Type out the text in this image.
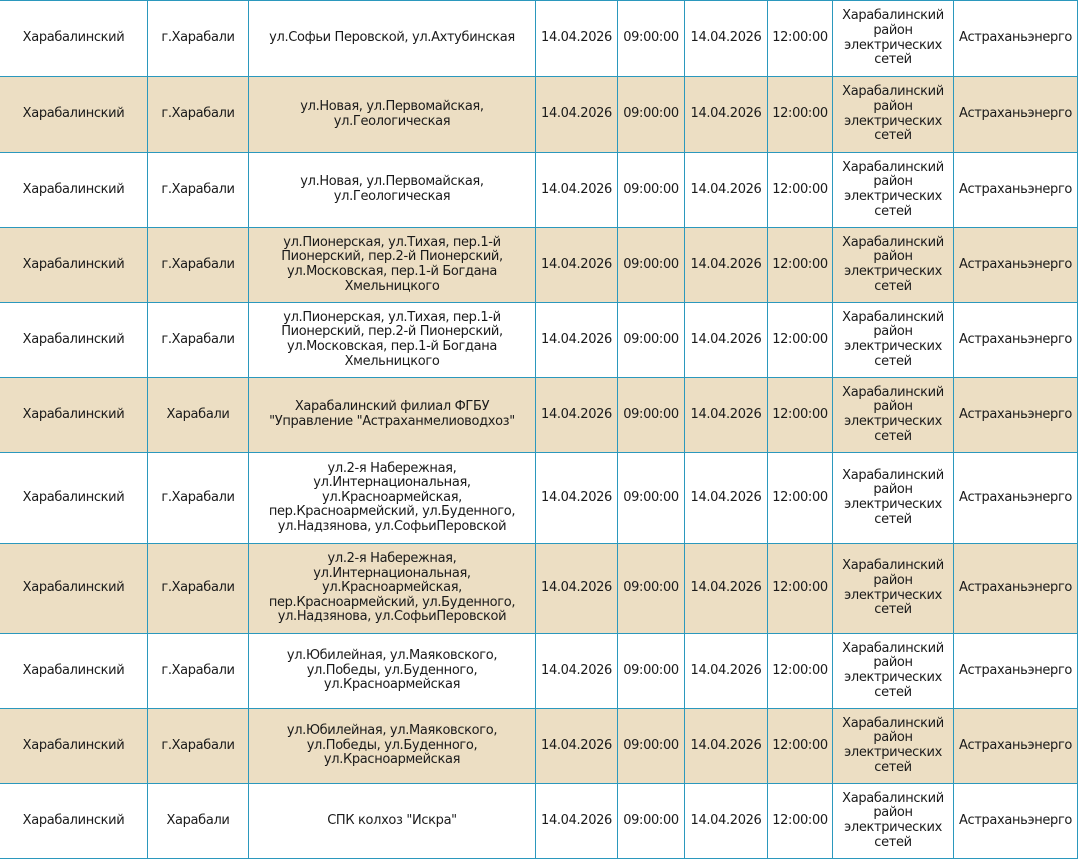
Харабалинский	г.Харабали	ул.Софьи Перовской, ул.Ахтубинская	14.04.2026	09:00:00	14.04.2026	12:00:00	Харабалинский район электрических сетей	Астраханьэнерго
Харабалинский	г.Харабали	ул.Новая, ул.Первомайская, ул.Геологическая	14.04.2026	09:00:00	14.04.2026	12:00:00	Харабалинский район электрических сетей	Астраханьэнерго
Харабалинский	г.Харабали	ул.Новая, ул.Первомайская, ул.Геологическая	14.04.2026	09:00:00	14.04.2026	12:00:00	Харабалинский район электрических сетей	Астраханьэнерго
Харабалинский	г.Харабали	ул.Пионерская, ул.Тихая, пер.1-й Пионерский, пер.2-й Пионерский, ул.Московская, пер.1-й Богдана Хмельницкого	14.04.2026	09:00:00	14.04.2026	12:00:00	Харабалинский район электрических сетей	Астраханьэнерго
Харабалинский	г.Харабали	ул.Пионерская, ул.Тихая, пер.1-й Пионерский, пер.2-й Пионерский, ул.Московская, пер.1-й Богдана Хмельницкого	14.04.2026	09:00:00	14.04.2026	12:00:00	Харабалинский район электрических сетей	Астраханьэнерго
Харабалинский	Харабали	Харабалинский филиал ФГБУ "Управление "Астраханмелиоводхоз"	14.04.2026	09:00:00	14.04.2026	12:00:00	Харабалинский район электрических сетей	Астраханьэнерго
Харабалинский	г.Харабали	ул.2-я Набережная, ул.Интернациональная, ул.Красноармейская, пер.Красноармейский, ул.Буденного, ул.Надзянова, ул.СофьиПеровской	14.04.2026	09:00:00	14.04.2026	12:00:00	Харабалинский район электрических сетей	Астраханьэнерго
Харабалинский	г.Харабали	ул.2-я Набережная, ул.Интернациональная, ул.Красноармейская, пер.Красноармейский, ул.Буденного, ул.Надзянова, ул.СофьиПеровской	14.04.2026	09:00:00	14.04.2026	12:00:00	Харабалинский район электрических сетей	Астраханьэнерго
Харабалинский	г.Харабали	ул.Юбилейная, ул.Маяковского, ул.Победы, ул.Буденного, ул.Красноармейская	14.04.2026	09:00:00	14.04.2026	12:00:00	Харабалинский район электрических сетей	Астраханьэнерго
Харабалинский	г.Харабали	ул.Юбилейная, ул.Маяковского, ул.Победы, ул.Буденного, ул.Красноармейская	14.04.2026	09:00:00	14.04.2026	12:00:00	Харабалинский район электрических сетей	Астраханьэнерго
Харабалинский	Харабали	СПК колхоз "Искра"	14.04.2026	09:00:00	14.04.2026	12:00:00	Харабалинский район электрических сетей	Астраханьэнерго
